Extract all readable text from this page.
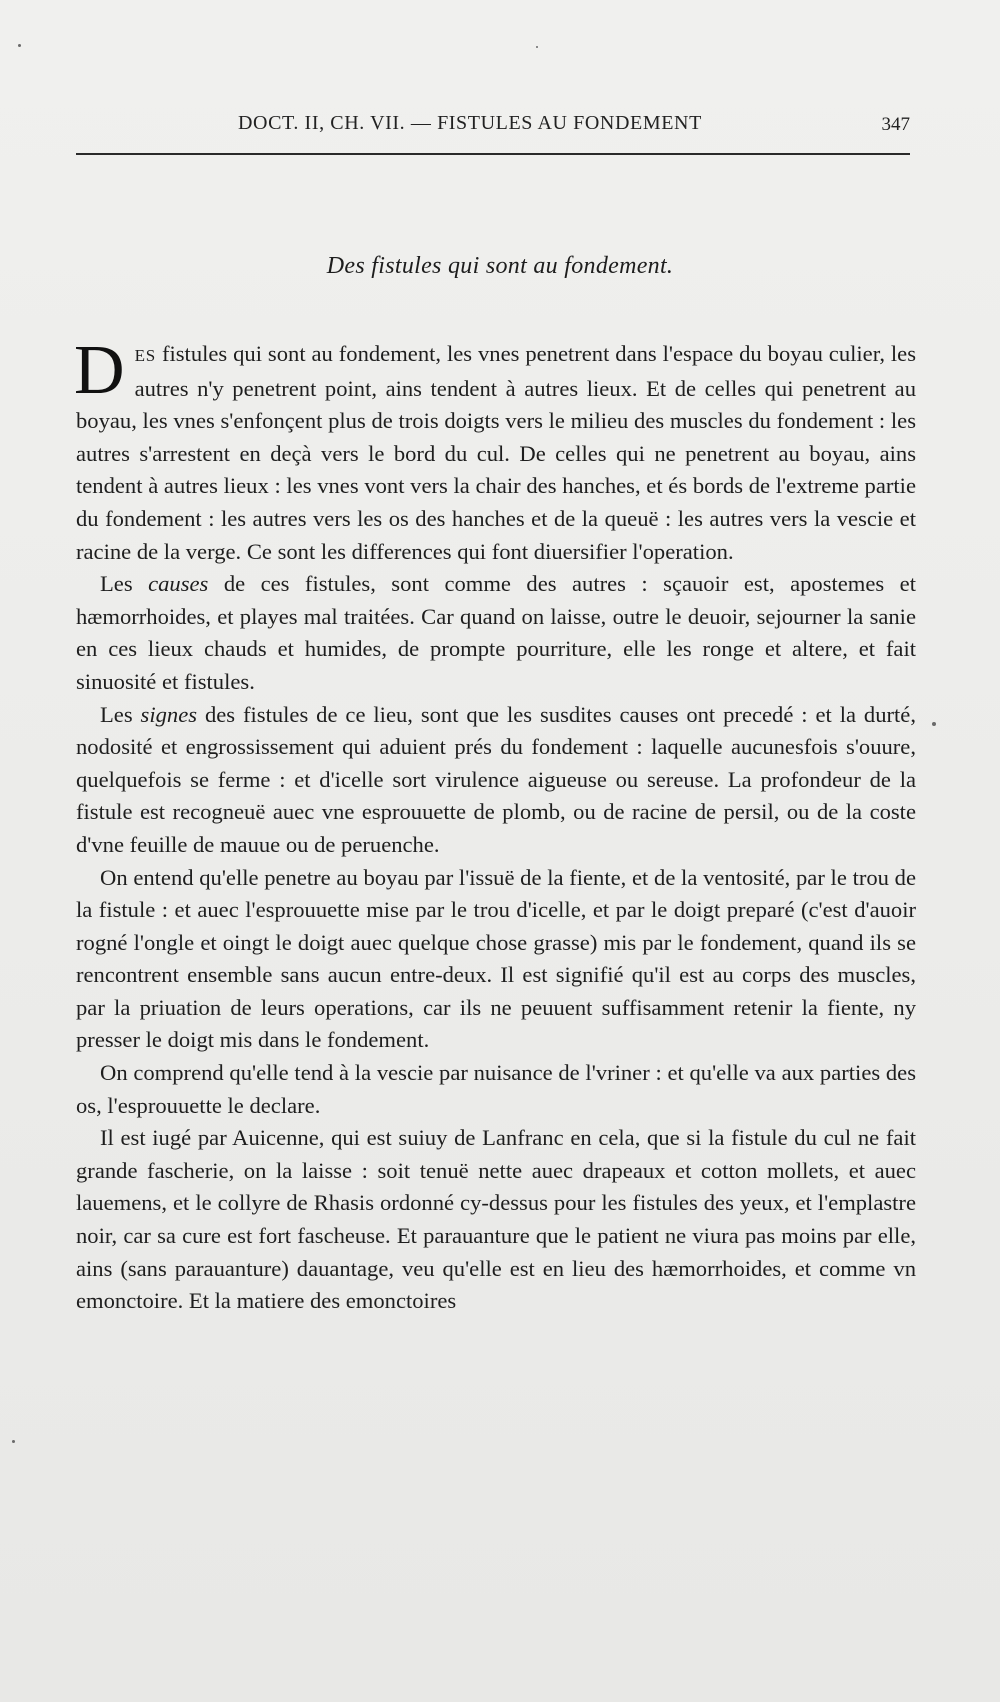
DOCT. II, CH. VII. — FISTULES AU FONDEMENT	347
Des fistules qui sont au fondement.

DES fistules qui sont au fondement, les vnes penetrent dans l'espace du boyau culier, les autres n'y penetrent point, ains tendent à autres lieux. Et de celles qui penetrent au boyau, les vnes s'enfonçent plus de trois doigts vers le milieu des muscles du fondement : les autres s'arrestent en deçà vers le bord du cul. De celles qui ne penetrent au boyau, ains tendent à autres lieux : les vnes vont vers la chair des hanches, et és bords de l'extreme partie du fondement : les autres vers les os des hanches et de la queuë : les autres vers la vescie et racine de la verge. Ce sont les differences qui font diuersifier l'operation.

Les causes de ces fistules, sont comme des autres : sçauoir est, apostemes et hæmorrhoides, et playes mal traitées. Car quand on laisse, outre le deuoir, sejourner la sanie en ces lieux chauds et humides, de prompte pourriture, elle les ronge et altere, et fait sinuosité et fistules.

Les signes des fistules de ce lieu, sont que les susdites causes ont precedé : et la durté, nodosité et engrossissement qui aduient prés du fondement : laquelle aucunesfois s'ouure, quelquefois se ferme : et d'icelle sort virulence aigueuse ou sereuse. La profondeur de la fistule est recogneuë auec vne esprouuette de plomb, ou de racine de persil, ou de la coste d'vne feuille de mauue ou de peruenche.

On entend qu'elle penetre au boyau par l'issuë de la fiente, et de la ventosité, par le trou de la fistule : et auec l'esprouuette mise par le trou d'icelle, et par le doigt preparé (c'est d'auoir rogné l'ongle et oingt le doigt auec quelque chose grasse) mis par le fondement, quand ils se rencontrent ensemble sans aucun entre-deux. Il est signifié qu'il est au corps des muscles, par la priuation de leurs operations, car ils ne peuuent suffisamment retenir la fiente, ny presser le doigt mis dans le fondement.

On comprend qu'elle tend à la vescie par nuisance de l'vriner : et qu'elle va aux parties des os, l'esprouuette le declare.

Il est iugé par Auicenne, qui est suiuy de Lanfranc en cela, que si la fistule du cul ne fait grande fascherie, on la laisse : soit tenuë nette auec drapeaux et cotton mollets, et auec lauemens, et le collyre de Rhasis ordonné cy-dessus pour les fistules des yeux, et l'emplastre noir, car sa cure est fort fascheuse. Et parauanture que le patient ne viura pas moins par elle, ains (sans parauanture) dauantage, veu qu'elle est en lieu des hæmorrhoides, et comme vn emonctoire. Et la matiere des emonctoires
